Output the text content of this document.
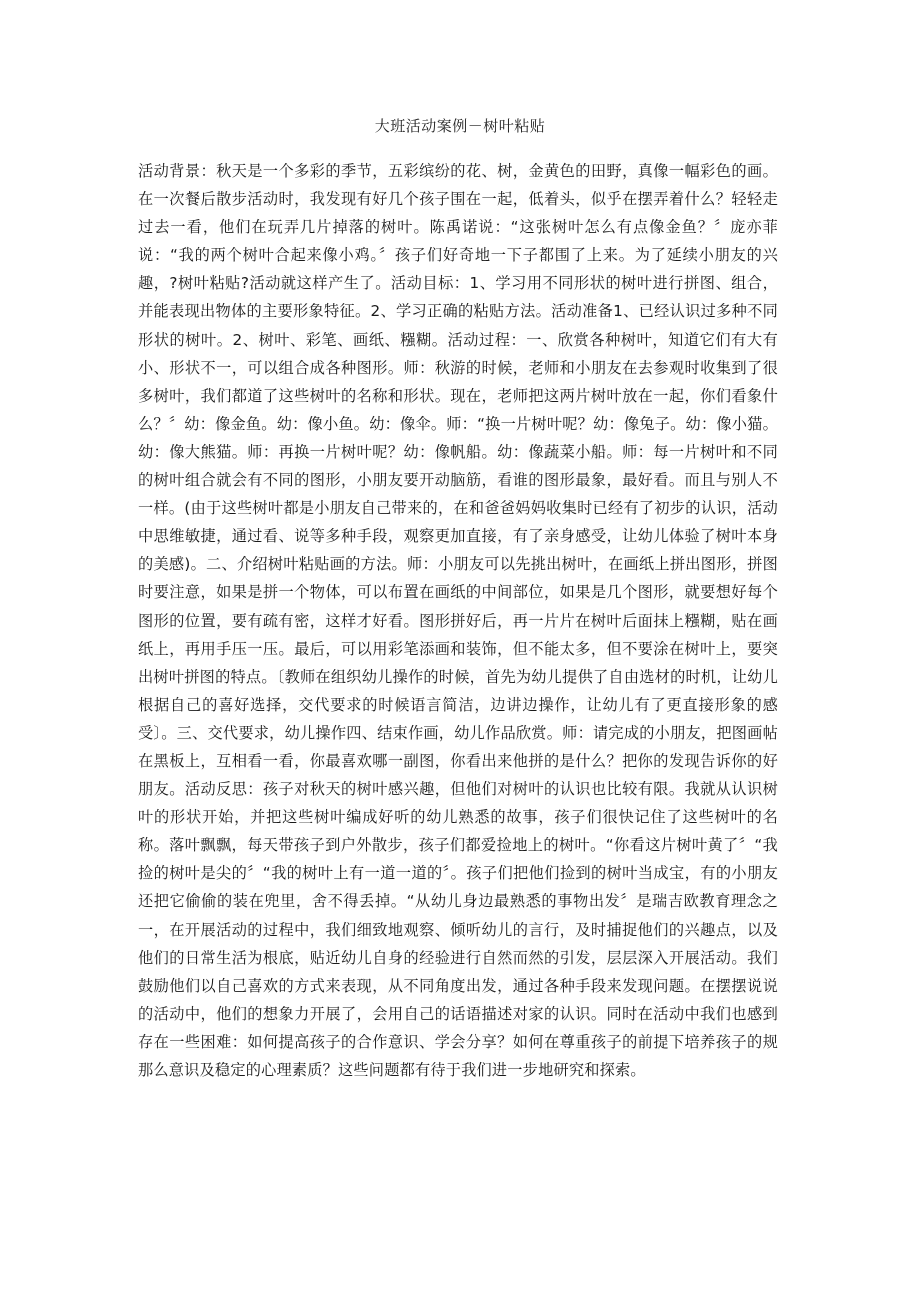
大班活动案例－树叶粘贴
活动背景：秋天是一个多彩的季节，五彩缤纷的花、树，金黄色的田野，真像一幅彩色的画。在一次餐后散步活动时，我发现有好几个孩子围在一起，低着头，似乎在摆弄着什么？轻轻走过去一看，他们在玩弄几片掉落的树叶。陈禹诺说：“这张树叶怎么有点像金鱼？〞庞亦菲说：“我的两个树叶合起来像小鸡。〞孩子们好奇地一下子都围了上来。为了延续小朋友的兴趣，?树叶粘贴?活动就这样产生了。活动目标：1、学习用不同形状的树叶进行拼图、组合，并能表现出物体的主要形象特征。2、学习正确的粘贴方法。活动准备1、已经认识过多种不同形状的树叶。2、树叶、彩笔、画纸、糨糊。活动过程：一、欣赏各种树叶，知道它们有大有小、形状不一，可以组合成各种图形。师：秋游的时候，老师和小朋友在去参观时收集到了很多树叶，我们都道了这些树叶的名称和形状。现在，老师把这两片树叶放在一起，你们看象什么？〞幼：像金鱼。幼：像小鱼。幼：像伞。师：“换一片树叶呢？幼：像兔子。幼：像小猫。幼：像大熊猫。师：再换一片树叶呢？幼：像帆船。幼：像蔬菜小船。师：每一片树叶和不同的树叶组合就会有不同的图形，小朋友要开动脑筋，看谁的图形最象，最好看。而且与别人不一样。(由于这些树叶都是小朋友自己带来的，在和爸爸妈妈收集时已经有了初步的认识，活动中思维敏捷，通过看、说等多种手段，观察更加直接，有了亲身感受，让幼儿体验了树叶本身的美感)。二、介绍树叶粘贴画的方法。师：小朋友可以先挑出树叶，在画纸上拼出图形，拼图时要注意，如果是拼一个物体，可以布置在画纸的中间部位，如果是几个图形，就要想好每个图形的位置，要有疏有密，这样才好看。图形拼好后，再一片片在树叶后面抹上糨糊，贴在画纸上，再用手压一压。最后，可以用彩笔添画和装饰，但不能太多，但不要涂在树叶上，要突出树叶拼图的特点。〔教师在组织幼儿操作的时候，首先为幼儿提供了自由选材的时机，让幼儿根据自己的喜好选择，交代要求的时候语言简洁，边讲边操作，让幼儿有了更直接形象的感受〕。三、交代要求，幼儿操作四、结束作画，幼儿作品欣赏。师：请完成的小朋友，把图画帖在黑板上，互相看一看，你最喜欢哪一副图，你看出来他拼的是什么？把你的发现告诉你的好朋友。活动反思：孩子对秋天的树叶感兴趣，但他们对树叶的认识也比较有限。我就从认识树叶的形状开始，并把这些树叶编成好听的幼儿熟悉的故事，孩子们很快记住了这些树叶的名称。落叶飘飘，每天带孩子到户外散步，孩子们都爱捡地上的树叶。“你看这片树叶黄了〞“我捡的树叶是尖的〞“我的树叶上有一道一道的〞。孩子们把他们捡到的树叶当成宝，有的小朋友还把它偷偷的装在兜里，舍不得丢掉。“从幼儿身边最熟悉的事物出发〞是瑞吉欧教育理念之一，在开展活动的过程中，我们细致地观察、倾听幼儿的言行，及时捕捉他们的兴趣点，以及他们的日常生活为根底，贴近幼儿自身的经验进行自然而然的引发，层层深入开展活动。我们鼓励他们以自己喜欢的方式来表现，从不同角度出发，通过各种手段来发现问题。在摆摆说说的活动中，他们的想象力开展了，会用自己的话语描述对家的认识。同时在活动中我们也感到存在一些困难：如何提高孩子的合作意识、学会分享？如何在尊重孩子的前提下培养孩子的规那么意识及稳定的心理素质？这些问题都有待于我们进一步地研究和探索。
